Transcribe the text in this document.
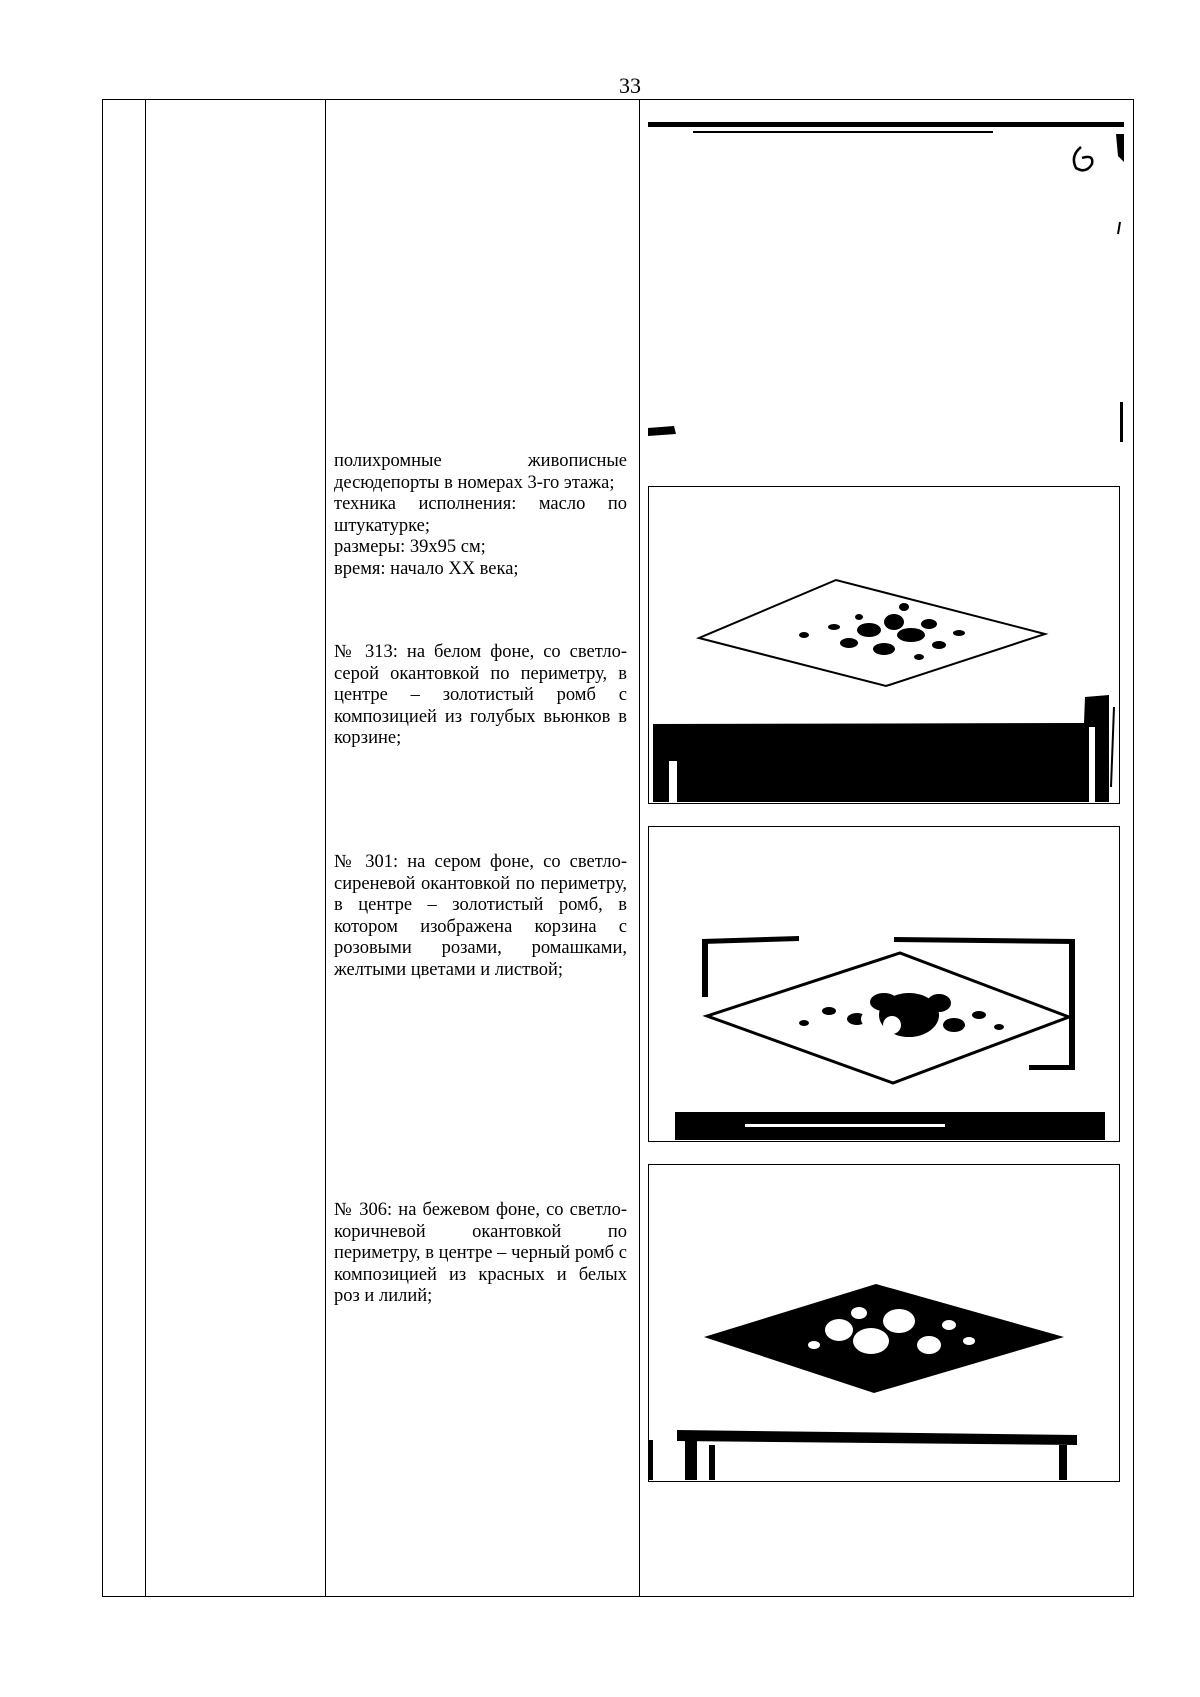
33
полихромные живописные десюдепорты в номерах 3-го этажа;
техника исполнения: масло по штукатурке;
размеры: 39х95 см;
время: начало XX века;
№ 313: на белом фоне, со светло-серой окантовкой по периметру, в центре – золотистый ромб с композицией из голубых вьюнков в корзине;
№ 301: на сером фоне, со светло-сиреневой окантовкой по периметру, в центре – золотистый ромб, в котором изображена корзина с розовыми розами, ромашками, желтыми цветами и листвой;
№ 306: на бежевом фоне, со светло-коричневой окантовкой по периметру, в центре – черный ромб с композицией из красных и белых роз и лилий;
